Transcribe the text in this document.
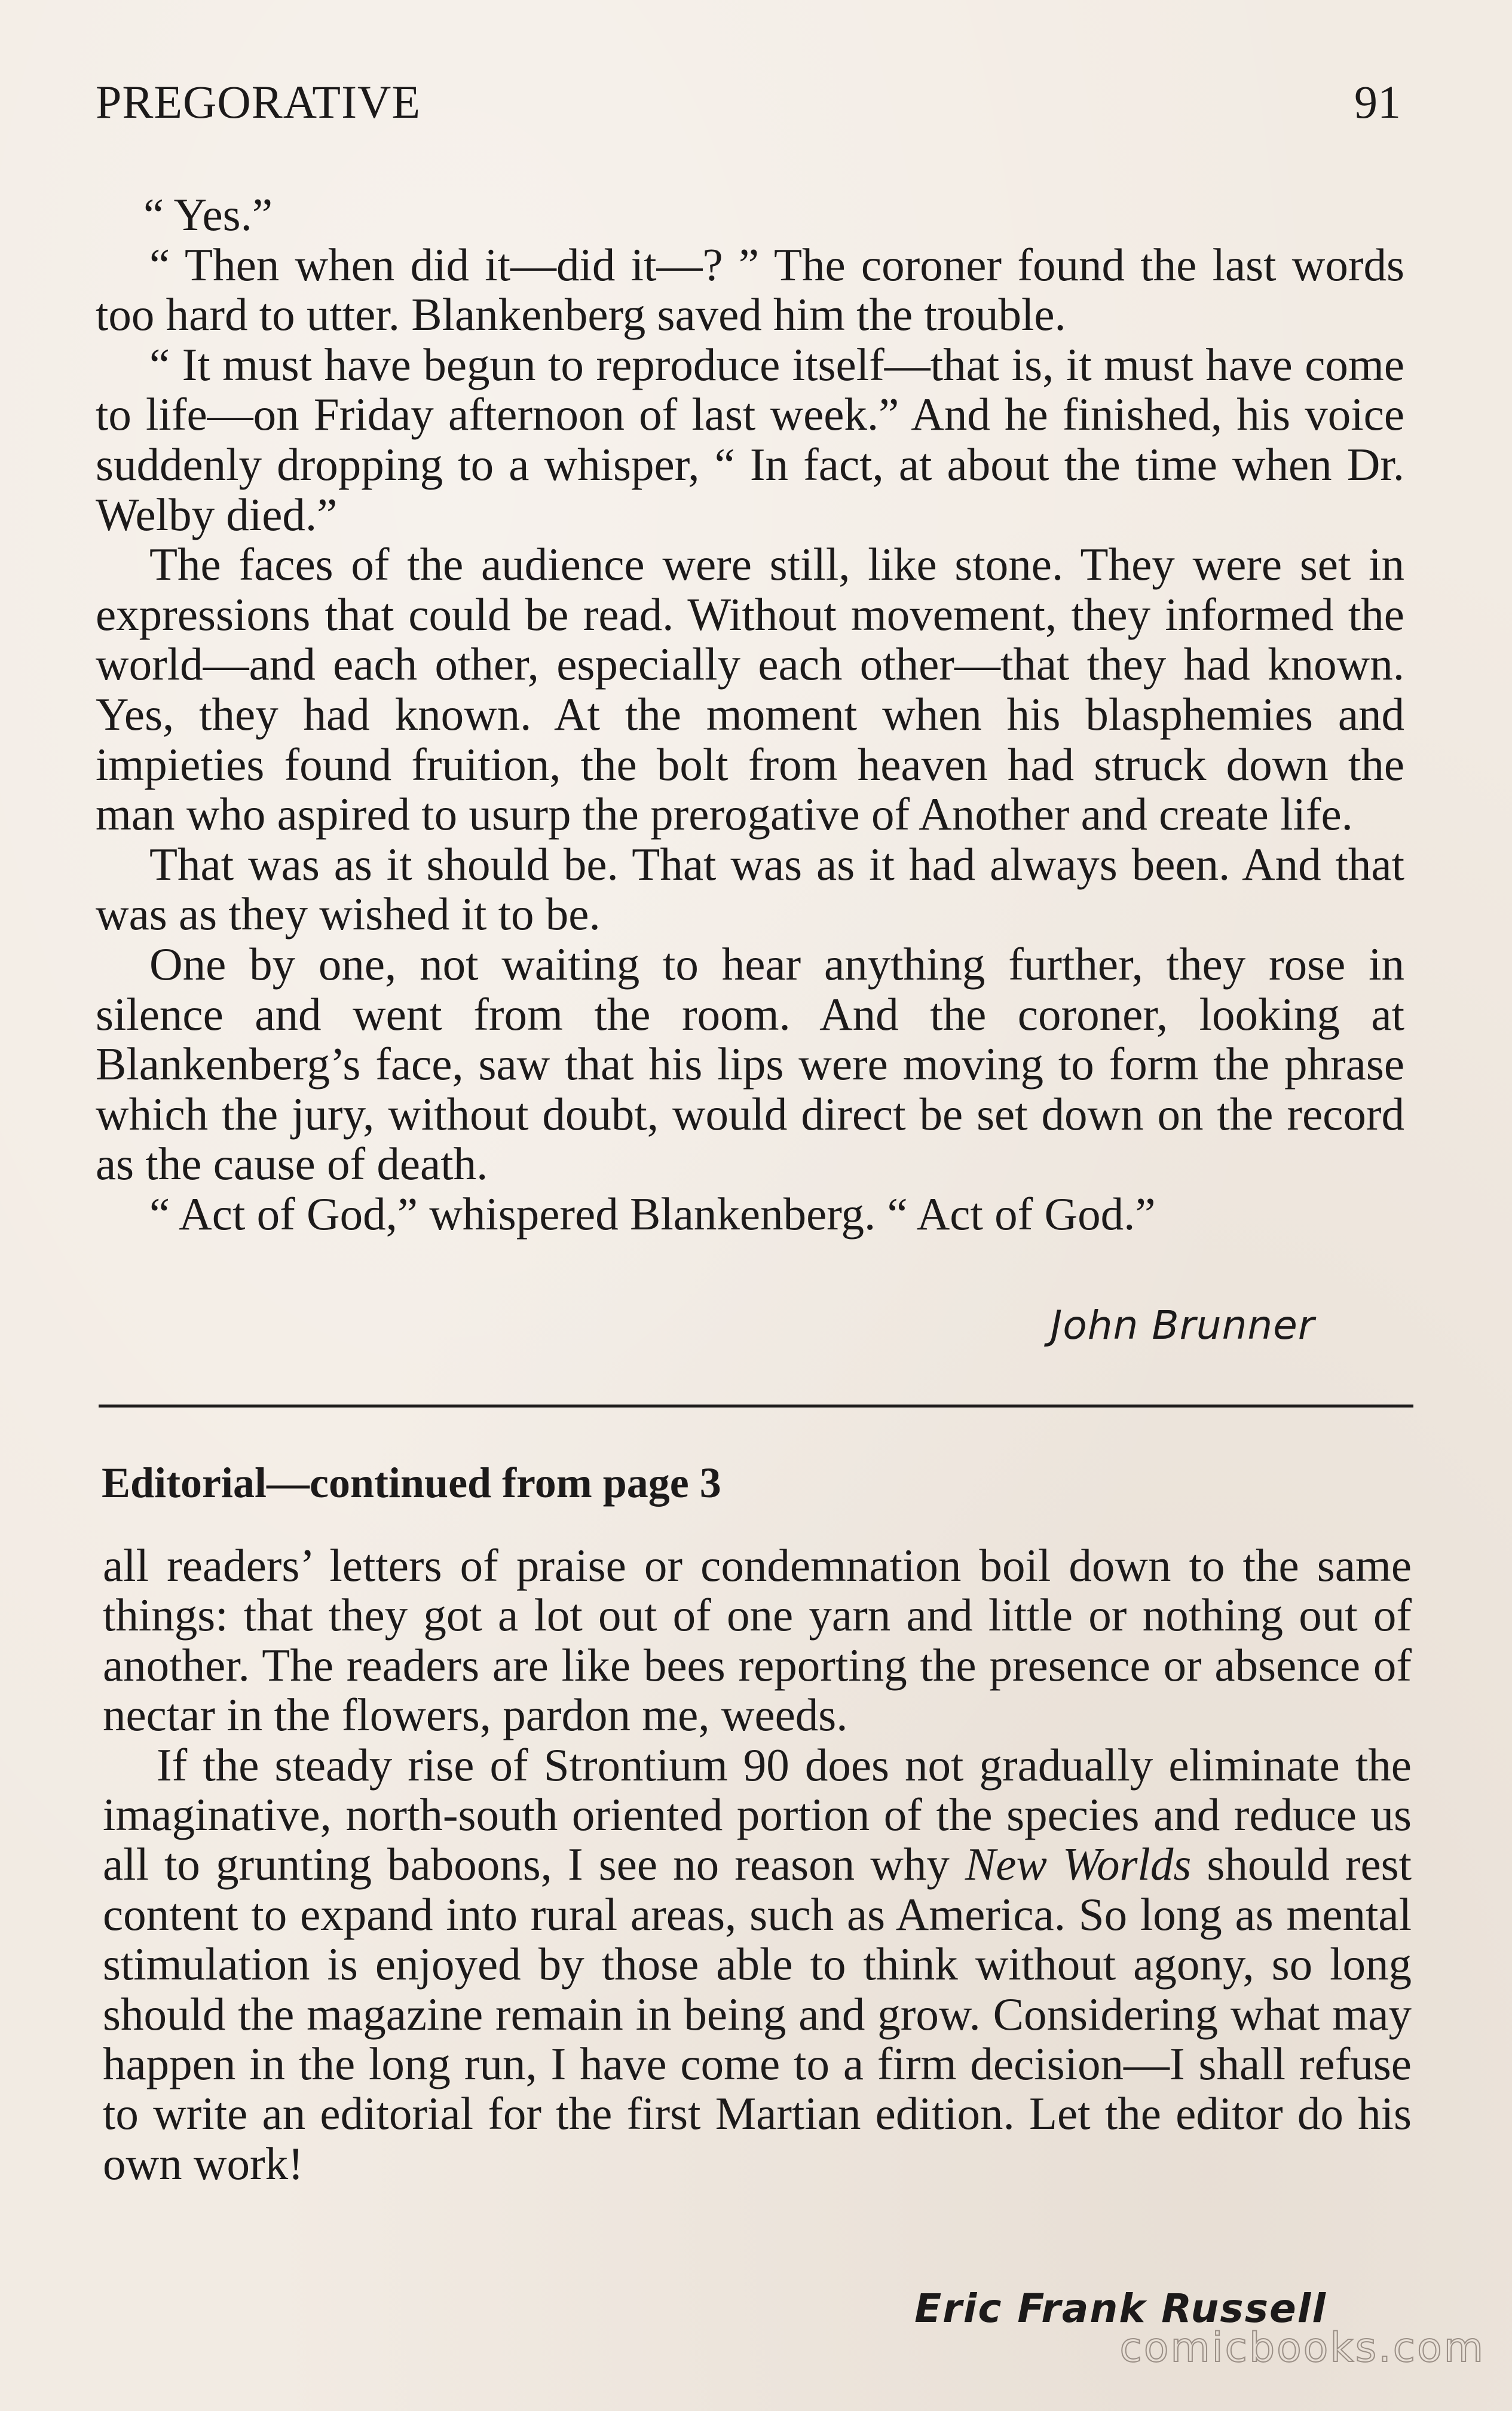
PREGORATIVE	91

“ Yes.”

“ Then when did it—did it—? ” The coroner found the last words too hard to utter. Blankenberg saved him the trouble.

“ It must have begun to reproduce itself—that is, it must have come to life—on Friday afternoon of last week.” And he finished, his voice suddenly dropping to a whisper, “ In fact, at about the time when Dr. Welby died.”

The faces of the audience were still, like stone. They were set in expressions that could be read. Without movement, they informed the world—and each other, especially each other—that they had known. Yes, they had known. At the moment when his blasphemies and impieties found fruition, the bolt from heaven had struck down the man who aspired to usurp the prerogative of Another and create life.

That was as it should be. That was as it had always been. And that was as they wished it to be.

One by one, not waiting to hear anything further, they rose in silence and went from the room. And the coroner, looking at Blankenberg’s face, saw that his lips were moving to form the phrase which the jury, without doubt, would direct be set down on the record as the cause of death.

“ Act of God,” whispered Blankenberg. “ Act of God.”

John Brunner
Editorial—continued from page 3

all readers’ letters of praise or condemnation boil down to the same things: that they got a lot out of one yarn and little or nothing out of another. The readers are like bees reporting the presence or absence of nectar in the flowers, pardon me, weeds.

If the steady rise of Strontium 90 does not gradually eliminate the imaginative, north-south oriented portion of the species and reduce us all to grunting baboons, I see no reason why New Worlds should rest content to expand into rural areas, such as America. So long as mental stimulation is enjoyed by those able to think without agony, so long should the magazine remain in being and grow. Considering what may happen in the long run, I have come to a firm decision—I shall refuse to write an editorial for the first Martian edition. Let the editor do his own work!

Eric Frank Russell
comicbooks.com
